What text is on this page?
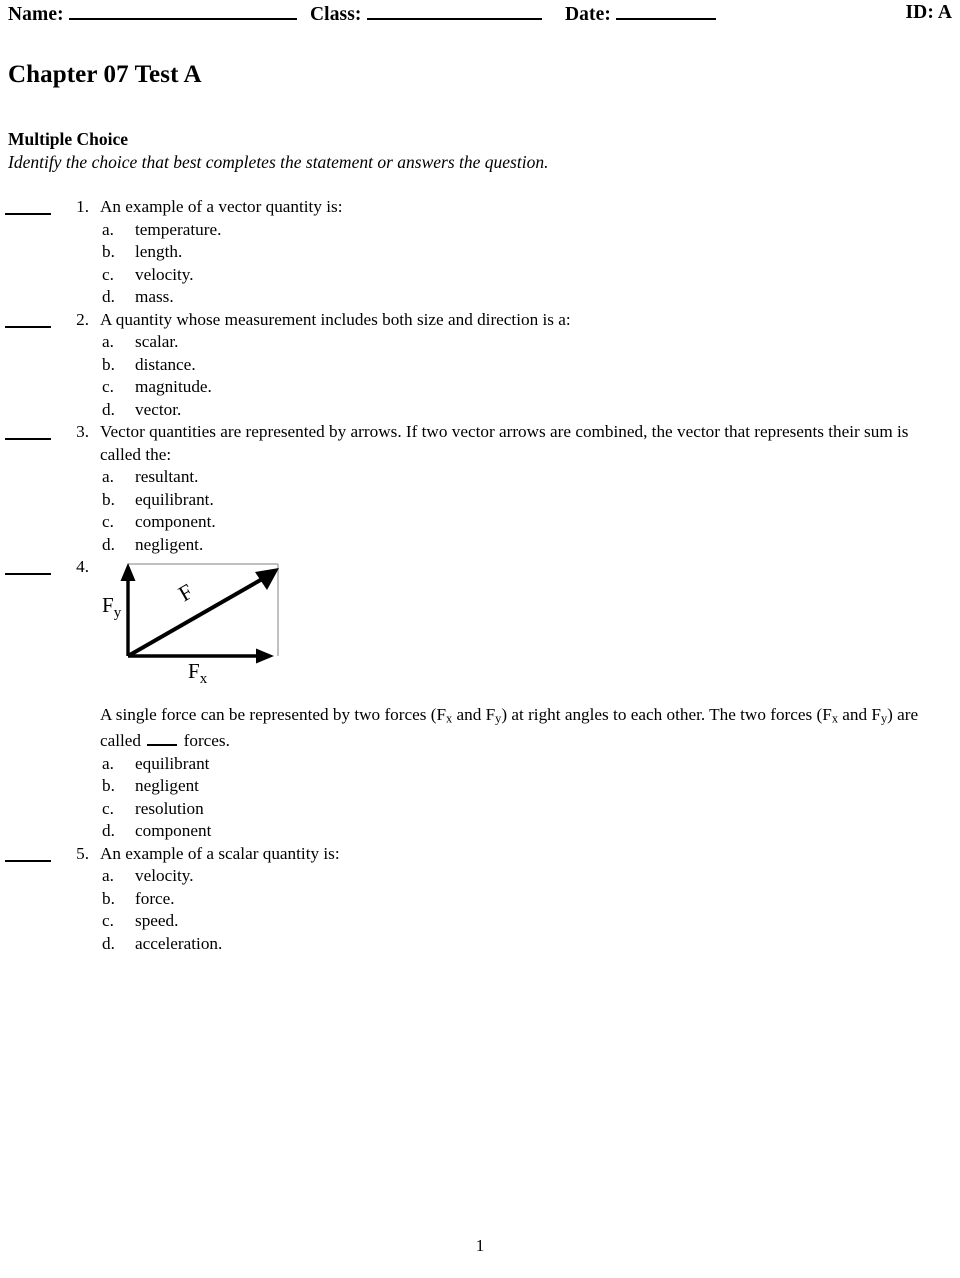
Name:	Class:	Date:	ID: A
Chapter 07 Test A
Multiple Choice
Identify the choice that best completes the statement or answers the question.
1. An example of a vector quantity is:
a.	temperature.
b.	length.
c.	velocity.
d.	mass.
2. A quantity whose measurement includes both size and direction is a:
a.	scalar.
b.	distance.
c.	magnitude.
d.	vector.
3. Vector quantities are represented by arrows. If two vector arrows are combined, the vector that represents their sum is called the:
a.	resultant.
b.	equilibrant.
c.	component.
d.	negligent.
4.
$F_y$
$F_x$
F
A single force can be represented by two forces ($F_x$ and $F_y$) at right angles to each other. The two forces ($F_x$ and $F_y$) are called  forces.
a.	equilibrant
b.	negligent
c.	resolution
d.	component
5. An example of a scalar quantity is:
a.	velocity.
b.	force.
c.	speed.
d.	acceleration.
1
